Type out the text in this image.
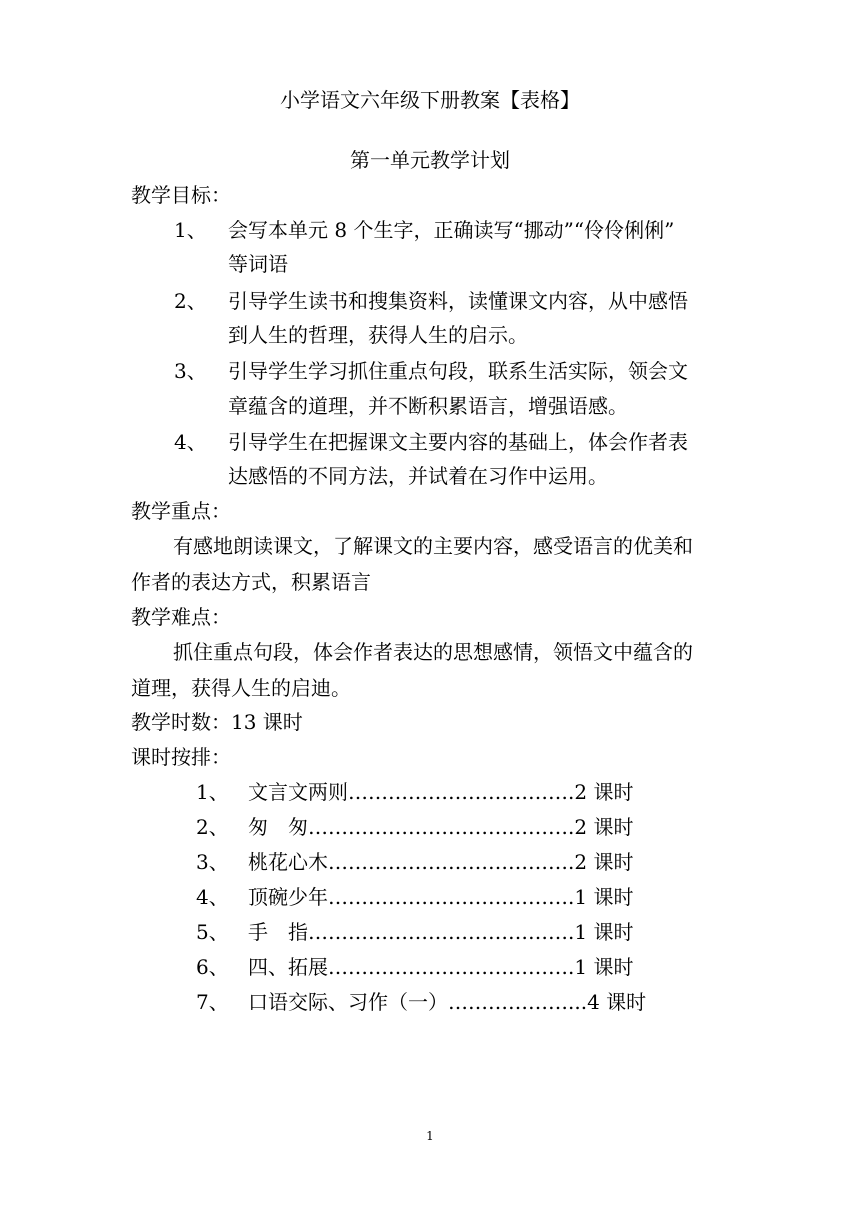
小学语文六年级下册教案【表格】
第一单元教学计划
教学目标：
1、 会写本单元 8 个生字，正确读写“挪动”“伶伶俐俐”
等词语
2、 引导学生读书和搜集资料，读懂课文内容，从中感悟
到人生的哲理，获得人生的启示。
3、 引导学生学习抓住重点句段，联系生活实际，领会文
章蕴含的道理，并不断积累语言，增强语感。
4、 引导学生在把握课文主要内容的基础上，体会作者表
达感悟的不同方法，并试着在习作中运用。
教学重点：
有感地朗读课文，了解课文的主要内容，感受语言的优美和
作者的表达方式，积累语言
教学难点：
抓住重点句段，体会作者表达的思想感情，领悟文中蕴含的
道理，获得人生的启迪。
教学时数：13 课时
课时按排：
1、 文言文两则…………………………….2 课时
2、 匆　匆………………………………….2 课时
3、 桃花心木……………………………….2 课时
4、 顶碗少年……………………………….1 课时
5、 手　指………………………………….1 课时
6、 四、拓展……………………………….1 课时
7、 口语交际、习作（一）………………...4 课时
1
